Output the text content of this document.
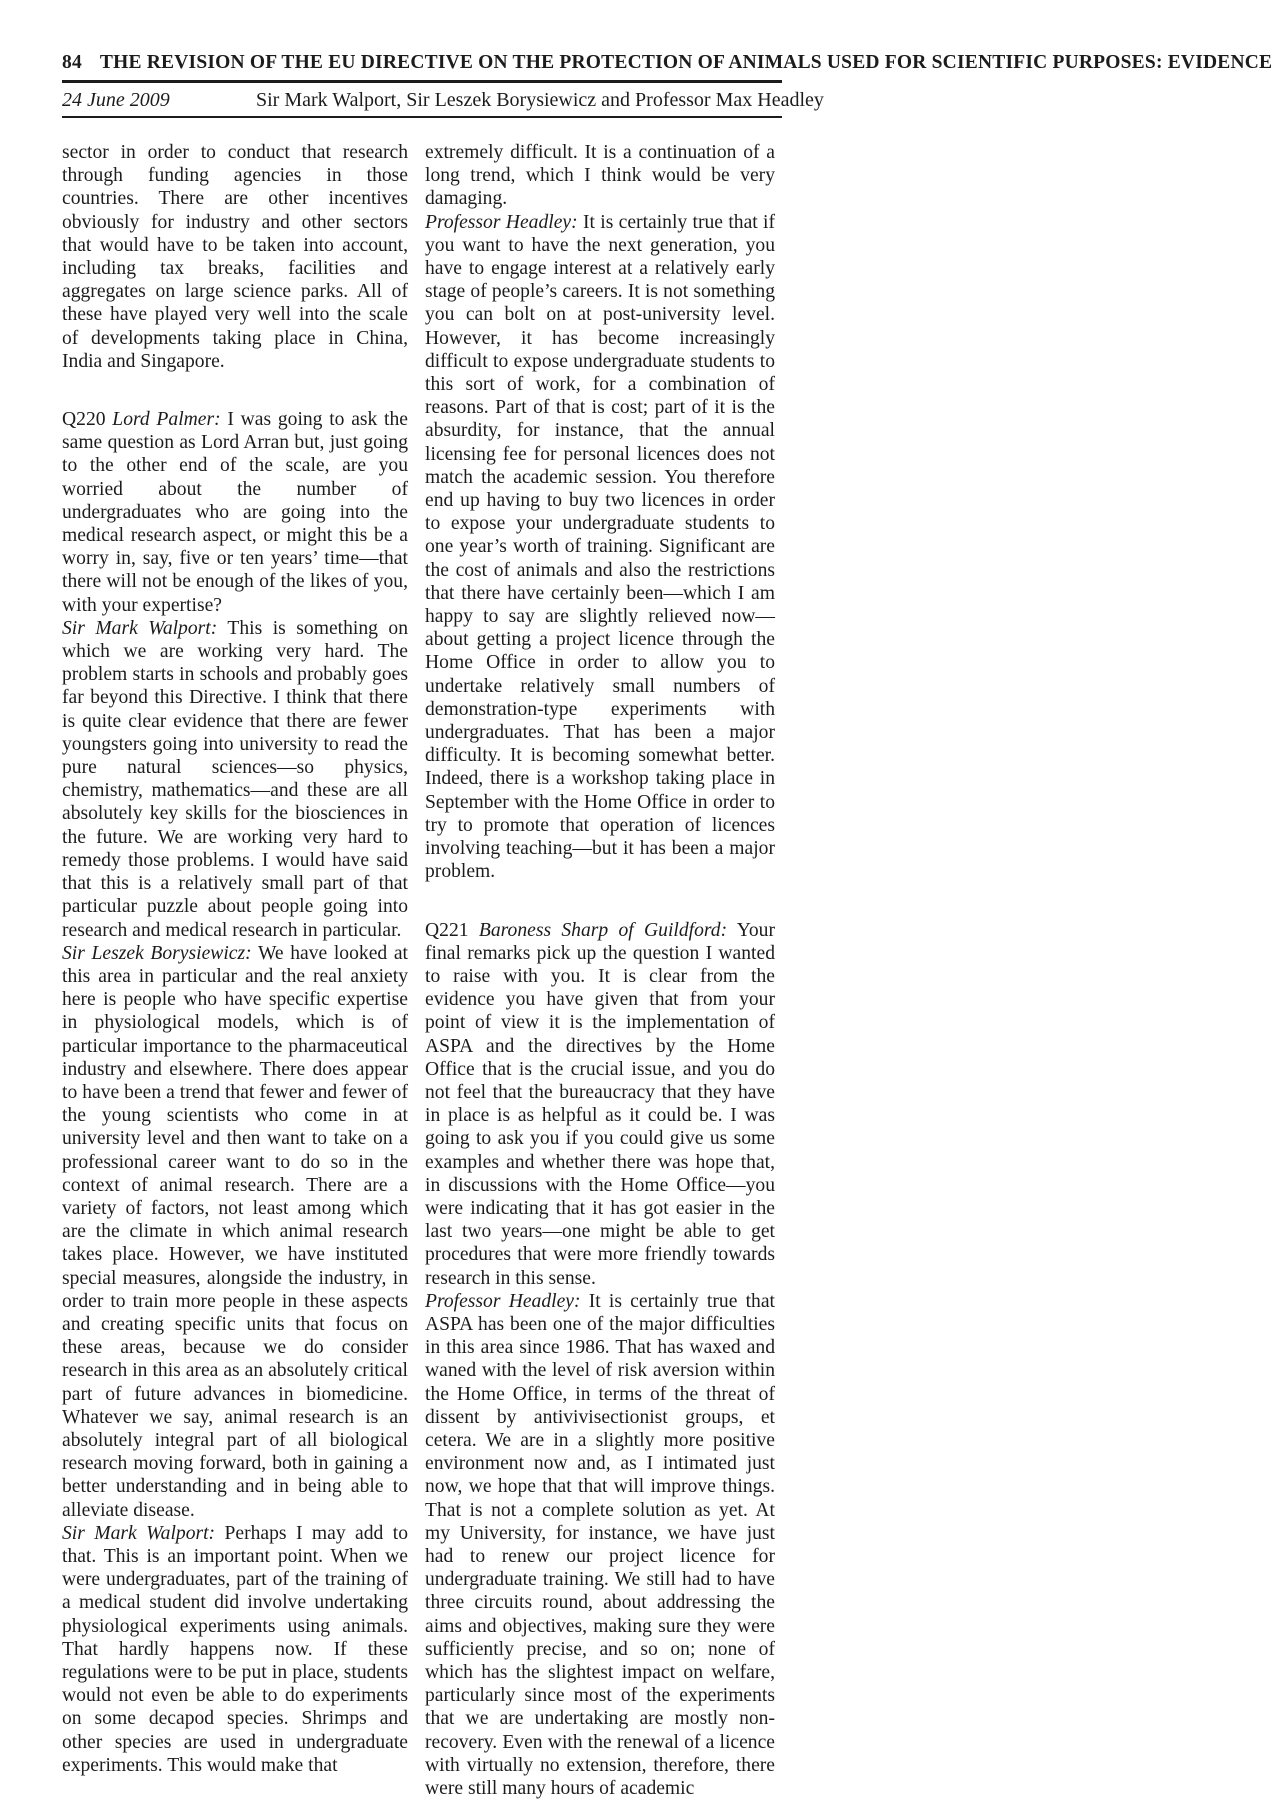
84 THE REVISION OF THE EU DIRECTIVE ON THE PROTECTION OF ANIMALS USED FOR SCIENTIFIC PURPOSES: EVIDENCE
24 June 2009	Sir Mark Walport, Sir Leszek Borysiewicz and Professor Max Headley

sector in order to conduct that research through funding agencies in those countries. There are other incentives obviously for industry and other sectors that would have to be taken into account, including tax breaks, facilities and aggregates on large science parks. All of these have played very well into the scale of developments taking place in China, India and Singapore.

Q220 Lord Palmer: I was going to ask the same question as Lord Arran but, just going to the other end of the scale, are you worried about the number of undergraduates who are going into the medical research aspect, or might this be a worry in, say, five or ten years’ time—that there will not be enough of the likes of you, with your expertise?

Sir Mark Walport: This is something on which we are working very hard. The problem starts in schools and probably goes far beyond this Directive. I think that there is quite clear evidence that there are fewer youngsters going into university to read the pure natural sciences—so physics, chemistry, mathematics—and these are all absolutely key skills for the biosciences in the future. We are working very hard to remedy those problems. I would have said that this is a relatively small part of that particular puzzle about people going into research and medical research in particular.

Sir Leszek Borysiewicz: We have looked at this area in particular and the real anxiety here is people who have specific expertise in physiological models, which is of particular importance to the pharmaceutical industry and elsewhere. There does appear to have been a trend that fewer and fewer of the young scientists who come in at university level and then want to take on a professional career want to do so in the context of animal research. There are a variety of factors, not least among which are the climate in which animal research takes place. However, we have instituted special measures, alongside the industry, in order to train more people in these aspects and creating specific units that focus on these areas, because we do consider research in this area as an absolutely critical part of future advances in biomedicine. Whatever we say, animal research is an absolutely integral part of all biological research moving forward, both in gaining a better understanding and in being able to alleviate disease.

Sir Mark Walport: Perhaps I may add to that. This is an important point. When we were undergraduates, part of the training of a medical student did involve undertaking physiological experiments using animals. That hardly happens now. If these regulations were to be put in place, students would not even be able to do experiments on some decapod species. Shrimps and other species are used in undergraduate experiments. This would make that

extremely difficult. It is a continuation of a long trend, which I think would be very damaging.

Professor Headley: It is certainly true that if you want to have the next generation, you have to engage interest at a relatively early stage of people’s careers. It is not something you can bolt on at post-university level. However, it has become increasingly difficult to expose undergraduate students to this sort of work, for a combination of reasons. Part of that is cost; part of it is the absurdity, for instance, that the annual licensing fee for personal licences does not match the academic session. You therefore end up having to buy two licences in order to expose your undergraduate students to one year’s worth of training. Significant are the cost of animals and also the restrictions that there have certainly been—which I am happy to say are slightly relieved now—about getting a project licence through the Home Office in order to allow you to undertake relatively small numbers of demonstration-type experiments with undergraduates. That has been a major difficulty. It is becoming somewhat better. Indeed, there is a workshop taking place in September with the Home Office in order to try to promote that operation of licences involving teaching—but it has been a major problem.

Q221 Baroness Sharp of Guildford: Your final remarks pick up the question I wanted to raise with you. It is clear from the evidence you have given that from your point of view it is the implementation of ASPA and the directives by the Home Office that is the crucial issue, and you do not feel that the bureaucracy that they have in place is as helpful as it could be. I was going to ask you if you could give us some examples and whether there was hope that, in discussions with the Home Office—you were indicating that it has got easier in the last two years—one might be able to get procedures that were more friendly towards research in this sense.

Professor Headley: It is certainly true that ASPA has been one of the major difficulties in this area since 1986. That has waxed and waned with the level of risk aversion within the Home Office, in terms of the threat of dissent by antivivisectionist groups, et cetera. We are in a slightly more positive environment now and, as I intimated just now, we hope that that will improve things. That is not a complete solution as yet. At my University, for instance, we have just had to renew our project licence for undergraduate training. We still had to have three circuits round, about addressing the aims and objectives, making sure they were sufficiently precise, and so on; none of which has the slightest impact on welfare, particularly since most of the experiments that we are undertaking are mostly non-recovery. Even with the renewal of a licence with virtually no extension, therefore, there were still many hours of academic
